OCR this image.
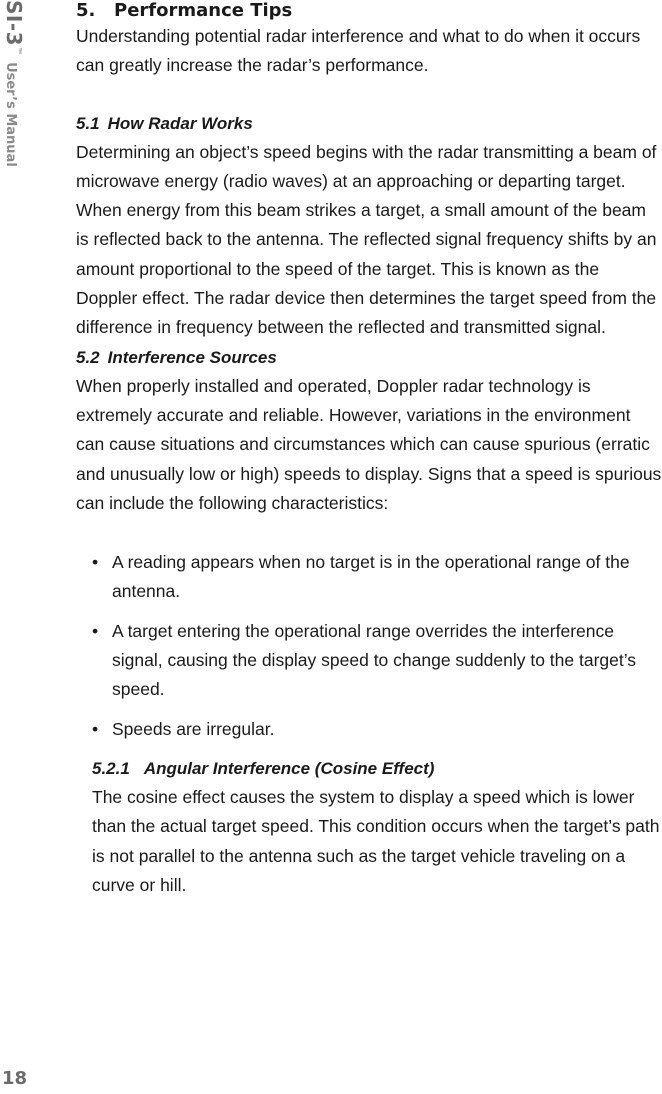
SI-3
™
User’s Manual
5.	Performance Tips

Understanding potential radar interference and what to do when it occurs can greatly increase the radar’s performance.

5.1 How Radar Works

Determining an object’s speed begins with the radar transmitting a beam of microwave energy (radio waves) at an approaching or departing target. When energy from this beam strikes a target, a small amount of the beam is reflected back to the antenna. The reflected signal frequency shifts by an amount proportional to the speed of the target. This is known as the Doppler effect. The radar device then determines the target speed from the difference in frequency between the reflected and transmitted signal.

5.2 Interference Sources

When properly installed and operated, Doppler radar technology is extremely accurate and reliable. However, variations in the environment can cause situations and circumstances which can cause spurious (erratic and unusually low or high) speeds to display. Signs that a speed is spurious can include the following characteristics:

• A reading appears when no target is in the operational range of the antenna.
• A target entering the operational range overrides the interference signal, causing the display speed to change suddenly to the target’s speed.
• Speeds are irregular.

5.2.1 Angular Interference (Cosine Effect)

The cosine effect causes the system to display a speed which is lower than the actual target speed. This condition occurs when the target’s path is not parallel to the antenna such as the target vehicle traveling on a curve or hill.

18
